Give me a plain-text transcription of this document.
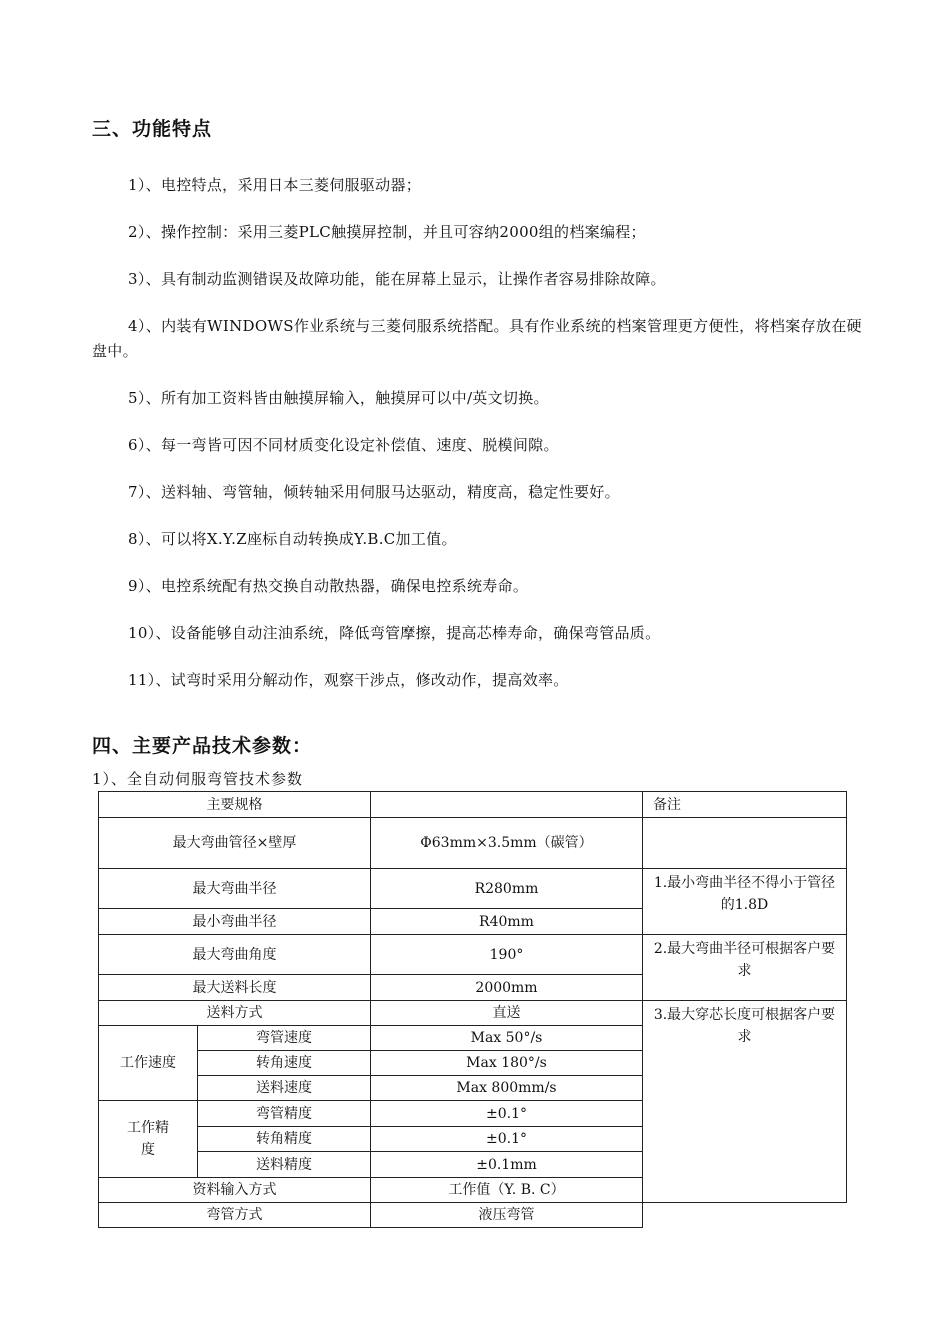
三、功能特点

1）、电控特点，采用日本三菱伺服驱动器；

2）、操作控制：采用三菱PLC触摸屏控制，并且可容纳2000组的档案编程；

3）、具有制动监测错误及故障功能，能在屏幕上显示，让操作者容易排除故障。

4）、内装有WINDOWS作业系统与三菱伺服系统搭配。具有作业系统的档案管理更方便性，将档案存放在硬盘中。

5）、所有加工资料皆由触摸屏输入，触摸屏可以中/英文切换。

6）、每一弯皆可因不同材质变化设定补偿值、速度、脱模间隙。

7）、送料轴、弯管轴，倾转轴采用伺服马达驱动，精度高，稳定性要好。

8）、可以将X.Y.Z座标自动转换成Y.B.C加工值。

9）、电控系统配有热交换自动散热器，确保电控系统寿命。

10）、设备能够自动注油系统，降低弯管摩擦，提高芯棒寿命，确保弯管品质。

11）、试弯时采用分解动作，观察干涉点，修改动作，提高效率。

四、主要产品技术参数：
1）、全自动伺服弯管技术参数
主要规格			备注
最大弯曲管径×壁厚		Φ63mm×3.5mm（碳管）	
最大弯曲半径		R280mm	1.最小弯曲半径不得小于管径的1.8D
最小弯曲半径		R40mm	
最大弯曲角度		190°	2.最大弯曲半径可根据客户要求
最大送料长度		2000mm	
送料方式		直送	3.最大穿芯长度可根据客户要求
工作速度	弯管速度	Max 50°/s	
	转角速度	Max 180°/s	
	送料速度	Max 800mm/s	
工作精度	弯管精度	±0.1°	
	转角精度	±0.1°	
	送料精度	±0.1mm	
资料输入方式		工作值（Y. B. C）	
弯管方式		液压弯管	
